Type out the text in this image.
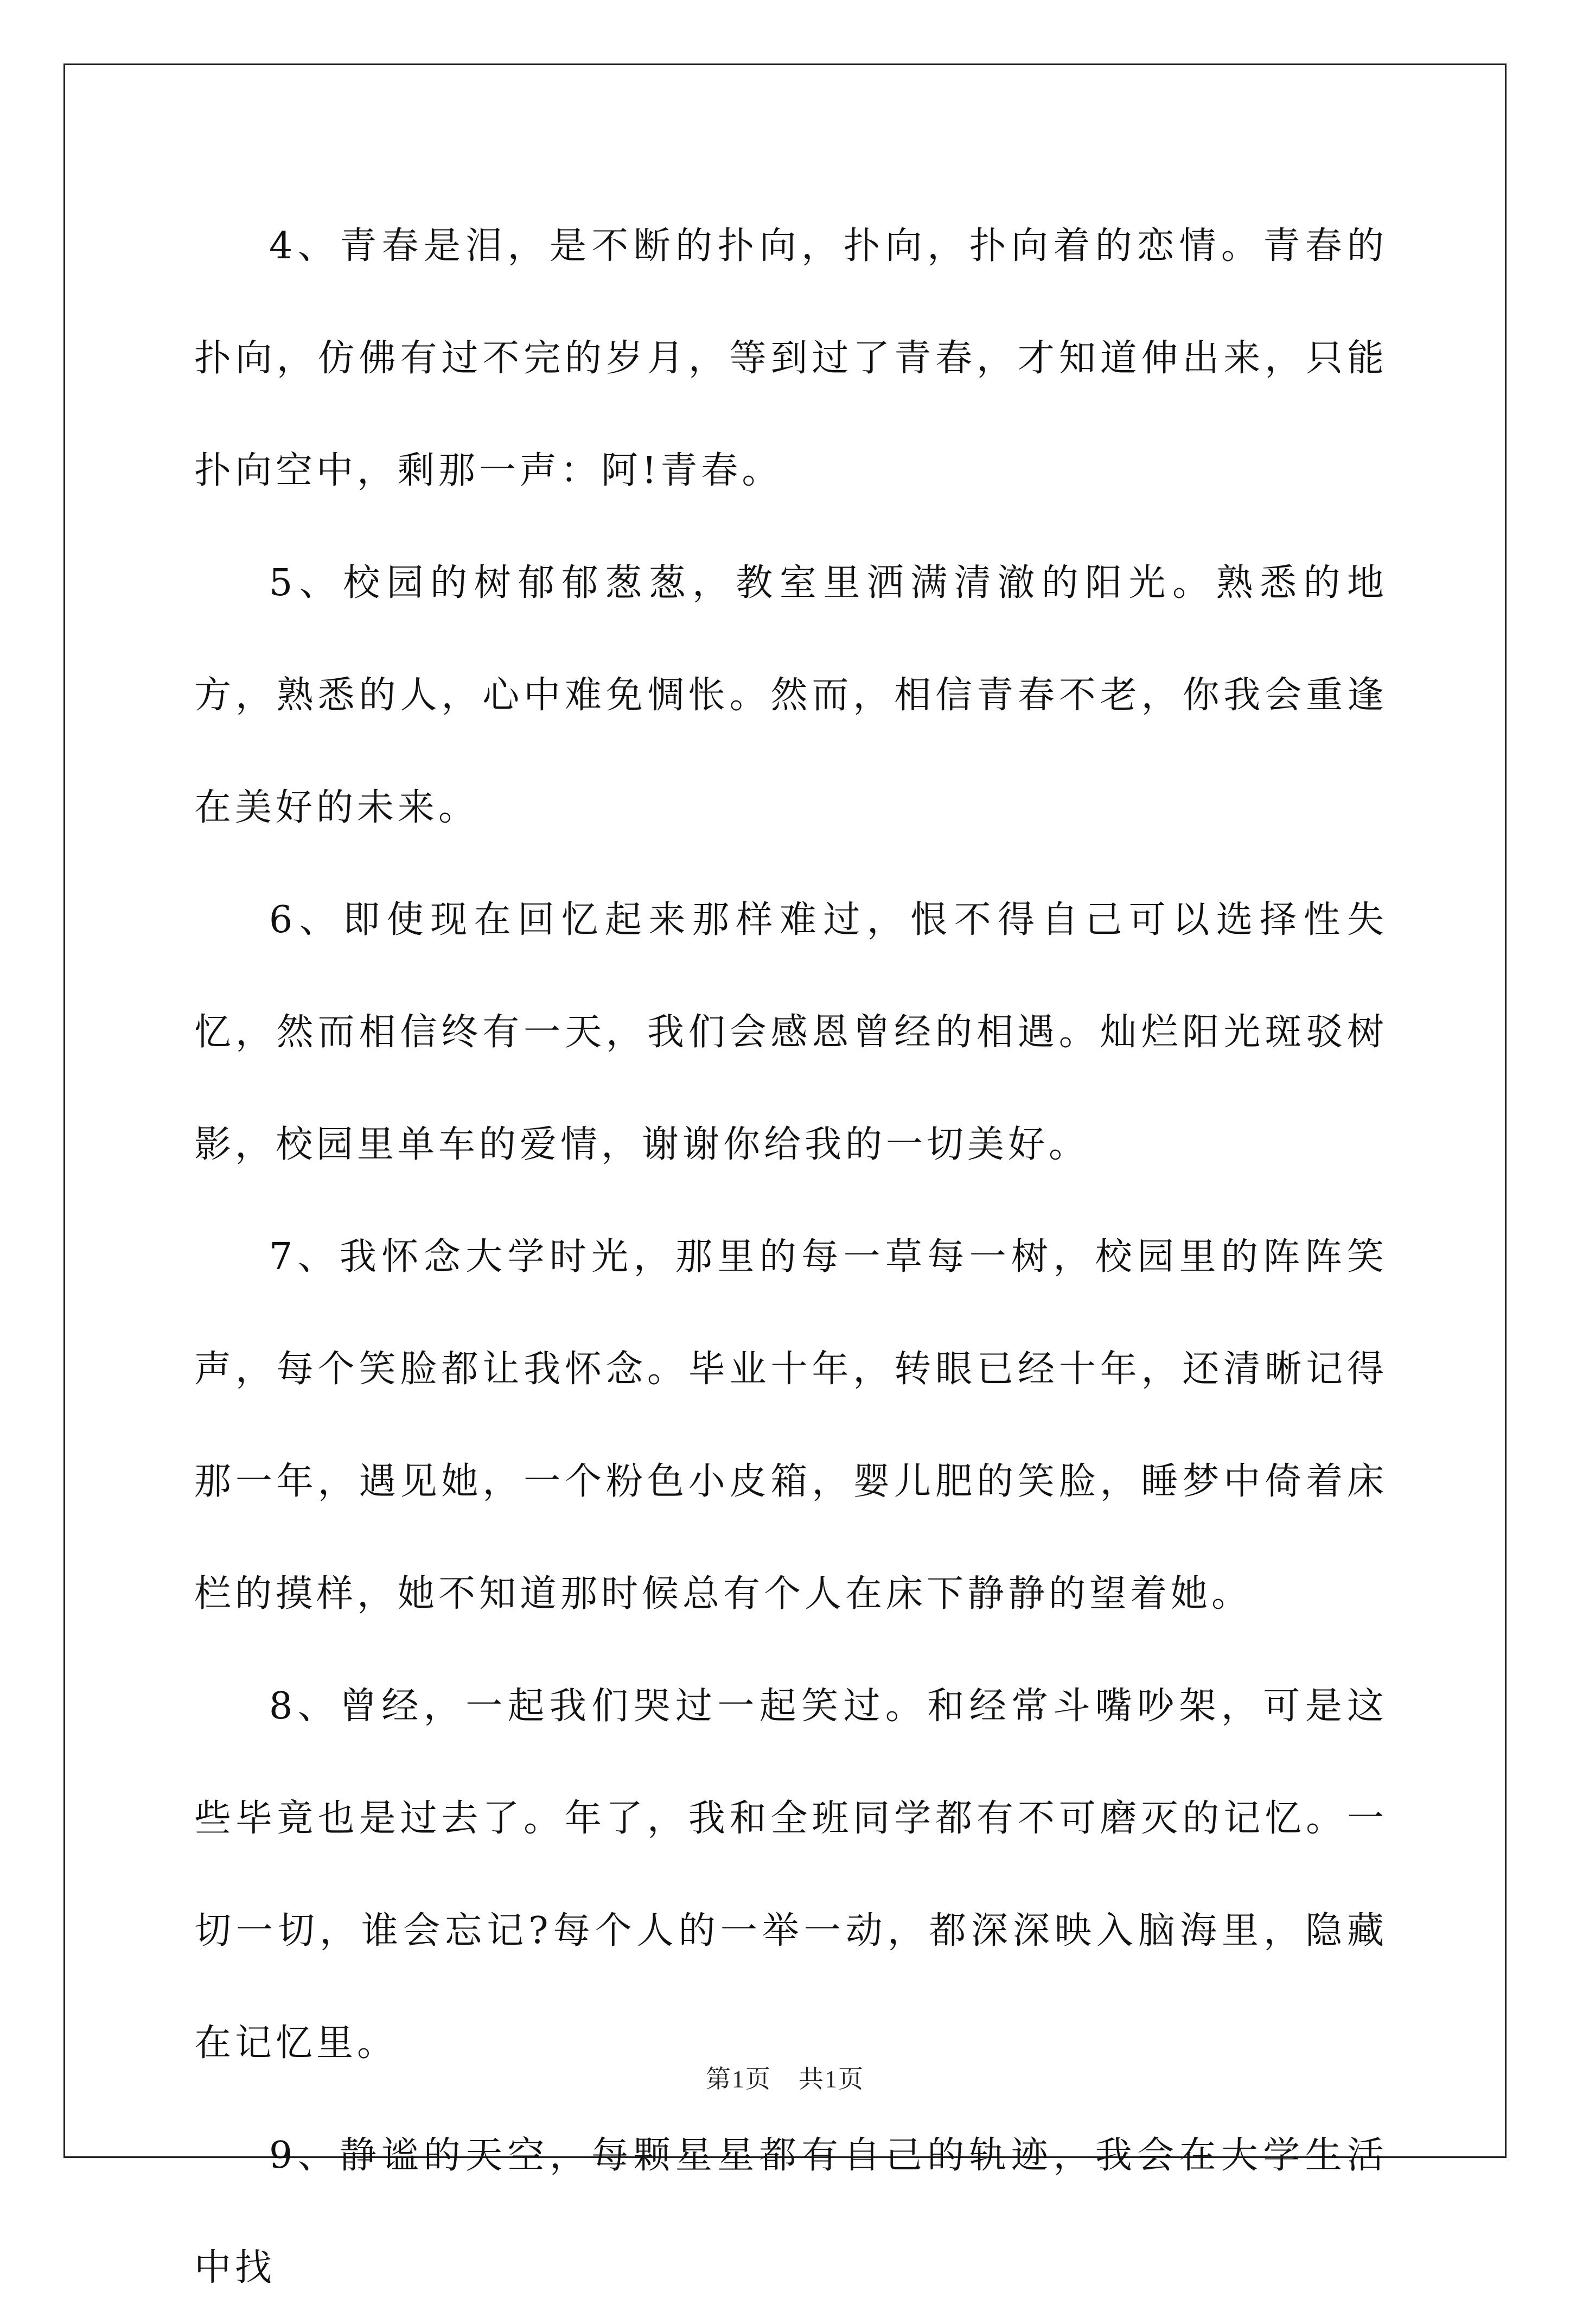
4、青春是泪，是不断的扑向，扑向，扑向着的恋情。青春的扑向，仿佛有过不完的岁月，等到过了青春，才知道伸出来，只能扑向空中，剩那一声：阿!青春。

5、校园的树郁郁葱葱，教室里洒满清澈的阳光。熟悉的地方，熟悉的人，心中难免惆怅。然而，相信青春不老，你我会重逢在美好的未来。

6、即使现在回忆起来那样难过，恨不得自己可以选择性失忆，然而相信终有一天，我们会感恩曾经的相遇。灿烂阳光斑驳树影，校园里单车的爱情，谢谢你给我的一切美好。

7、我怀念大学时光，那里的每一草每一树，校园里的阵阵笑声，每个笑脸都让我怀念。毕业十年，转眼已经十年，还清晰记得那一年，遇见她，一个粉色小皮箱，婴儿肥的笑脸，睡梦中倚着床栏的摸样，她不知道那时候总有个人在床下静静的望着她。

8、曾经，一起我们哭过一起笑过。和经常斗嘴吵架，可是这些毕竟也是过去了。年了，我和全班同学都有不可磨灭的记忆。一切一切，谁会忘记?每个人的一举一动，都深深映入脑海里，隐藏在记忆里。

9、静谧的天空，每颗星星都有自己的轨迹，我会在大学生活中找

第1页 共1页
